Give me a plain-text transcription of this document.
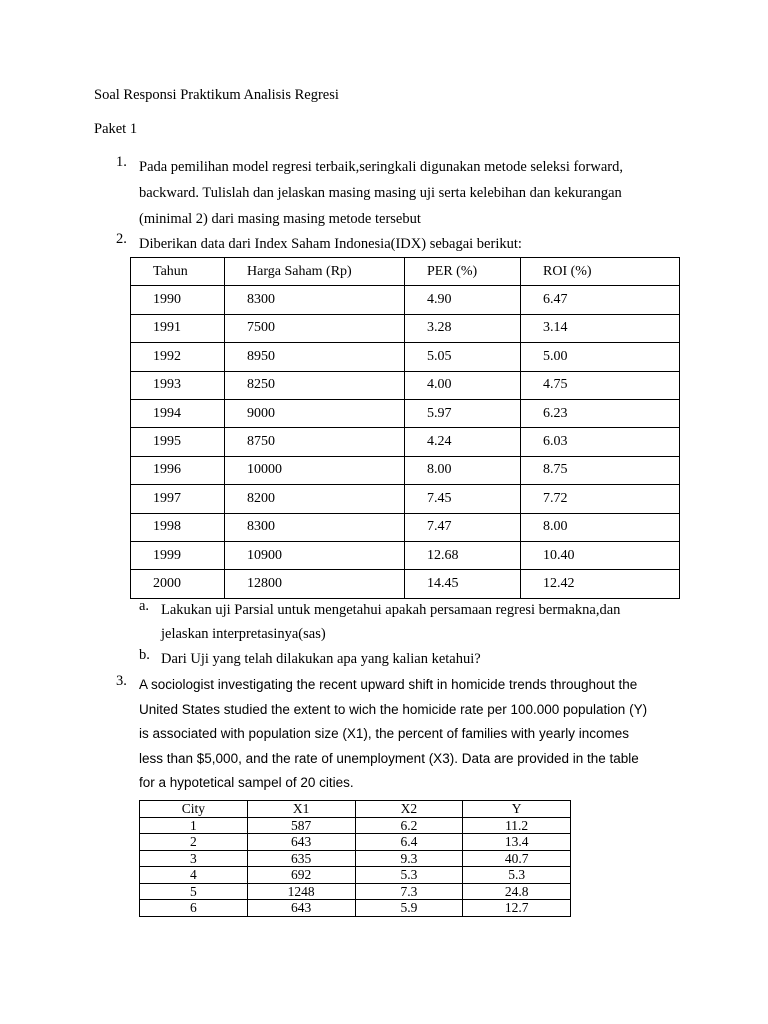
Soal Responsi Praktikum Analisis Regresi
Paket 1
1. Pada pemilihan model regresi terbaik,seringkali digunakan metode seleksi forward,
backward. Tulislah dan jelaskan masing masing uji serta kelebihan dan kekurangan
(minimal 2) dari masing masing metode tersebut
2. Diberikan data dari Index Saham Indonesia(IDX) sebagai berikut:
Tahun	Harga Saham (Rp)	PER (%)	ROI (%)
1990	8300	4.90	6.47
1991	7500	3.28	3.14
1992	8950	5.05	5.00
1993	8250	4.00	4.75
1994	9000	5.97	6.23
1995	8750	4.24	6.03
1996	10000	8.00	8.75
1997	8200	7.45	7.72
1998	8300	7.47	8.00
1999	10900	12.68	10.40
2000	12800	14.45	12.42
a. Lakukan uji Parsial untuk mengetahui apakah persamaan regresi bermakna,dan
jelaskan interpretasinya(sas)
b. Dari Uji yang telah dilakukan apa yang kalian ketahui?
3. A sociologist investigating the recent upward shift in homicide trends throughout the
United States studied the extent to wich the homicide rate per 100.000 population (Y)
is associated with population size (X1), the percent of families with yearly incomes
less than $5,000, and the rate of unemployment (X3). Data are provided in the table
for a hypotetical sampel of 20 cities.
City	X1	X2	Y
1	587	6.2	11.2
2	643	6.4	13.4
3	635	9.3	40.7
4	692	5.3	5.3
5	1248	7.3	24.8
6	643	5.9	12.7
